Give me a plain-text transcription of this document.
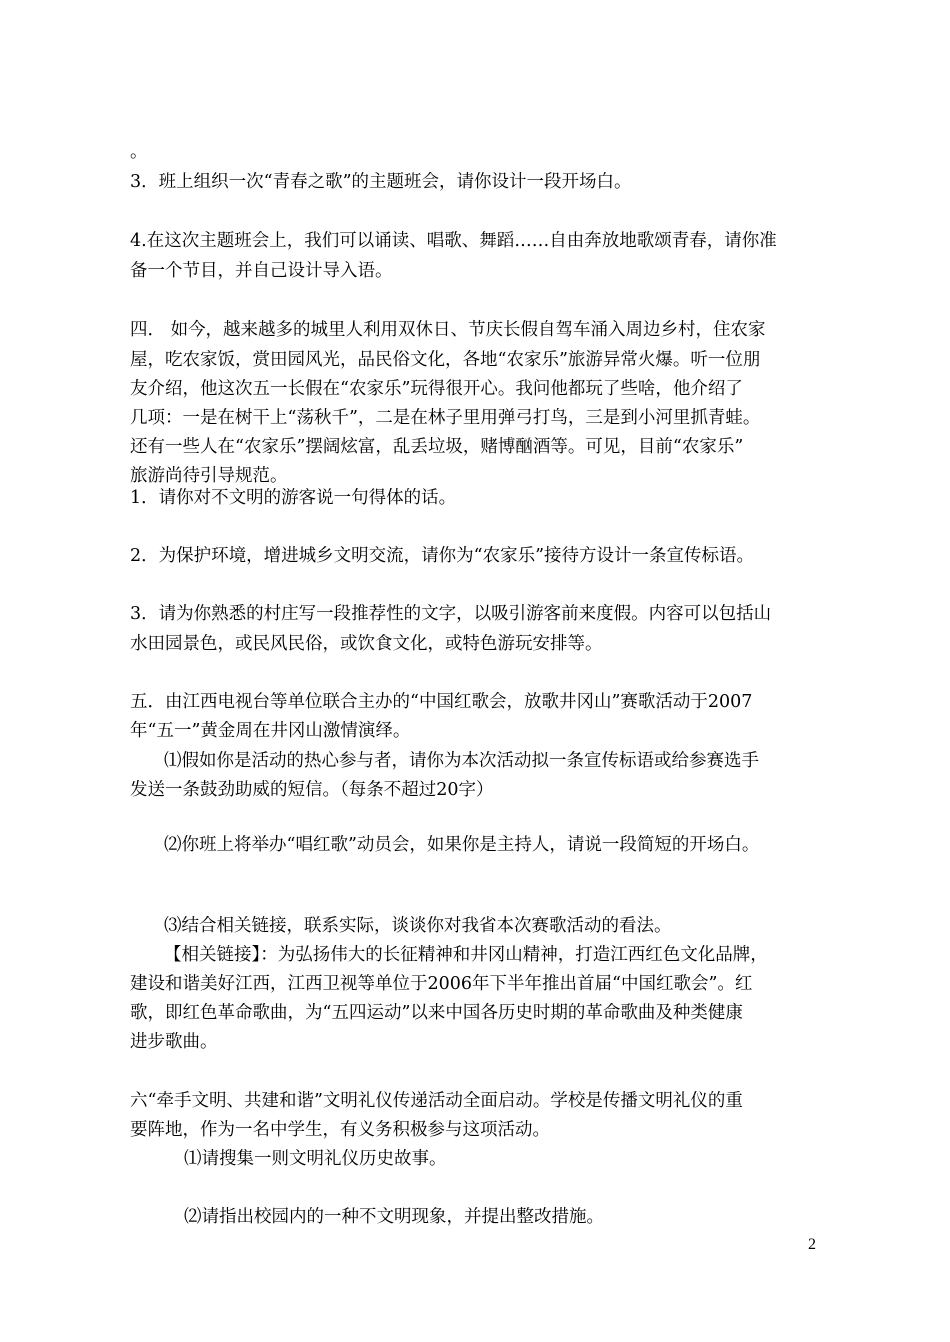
。
3．班上组织一次“青春之歌”的主题班会，请你设计一段开场白。
4.在这次主题班会上，我们可以诵读、唱歌、舞蹈……自由奔放地歌颂青春，请你准
备一个节目，并自己设计导入语。
四． 如今，越来越多的城里人利用双休日、节庆长假自驾车涌入周边乡村，住农家
屋，吃农家饭，赏田园风光，品民俗文化，各地“农家乐”旅游异常火爆。听一位朋
友介绍，他这次五一长假在“农家乐”玩得很开心。我问他都玩了些啥，他介绍了
几项：一是在树干上“荡秋千”，二是在林子里用弹弓打鸟，三是到小河里抓青蛙。
还有一些人在“农家乐”摆阔炫富，乱丢垃圾，赌博酗酒等。可见，目前“农家乐”
旅游尚待引导规范。
1．请你对不文明的游客说一句得体的话。
2．为保护环境，增进城乡文明交流，请你为“农家乐”接待方设计一条宣传标语。
3．请为你熟悉的村庄写一段推荐性的文字，以吸引游客前来度假。内容可以包括山
水田园景色，或民风民俗，或饮食文化，或特色游玩安排等。
五．由江西电视台等单位联合主办的“中国红歌会，放歌井冈山”赛歌活动于2007
年“五一”黄金周在井冈山激情演绎。
⑴假如你是活动的热心参与者，请你为本次活动拟一条宣传标语或给参赛选手
发送一条鼓劲助威的短信。（每条不超过20字）
⑵你班上将举办“唱红歌”动员会，如果你是主持人，请说一段简短的开场白。
⑶结合相关链接，联系实际，谈谈你对我省本次赛歌活动的看法。
【相关链接】：为弘扬伟大的长征精神和井冈山精神，打造江西红色文化品牌，
建设和谐美好江西，江西卫视等单位于2006年下半年推出首届“中国红歌会”。红
歌，即红色革命歌曲，为“五四运动”以来中国各历史时期的革命歌曲及种类健康
进步歌曲。
六“牵手文明、共建和谐”文明礼仪传递活动全面启动。学校是传播文明礼仪的重
要阵地，作为一名中学生，有义务积极参与这项活动。
⑴请搜集一则文明礼仪历史故事。
⑵请指出校园内的一种不文明现象，并提出整改措施。
2
